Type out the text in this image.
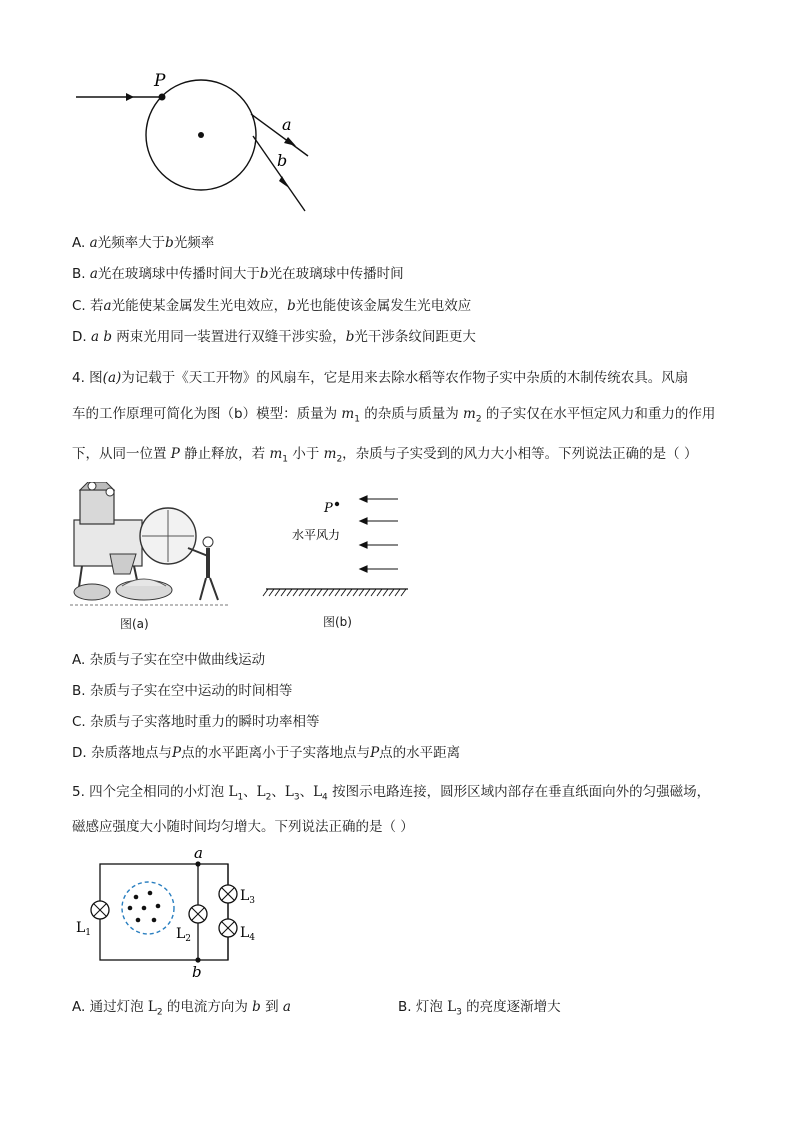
P
a
b
A. a光频率大于b光频率
B. a光在玻璃球中传播时间大于b光在玻璃球中传播时间
C. 若a光能使某金属发生光电效应，b光也能使该金属发生光电效应
D. a b 两束光用同一装置进行双缝干涉实验，b光干涉条纹间距更大
4. 图(a)为记载于《天工开物》的风扇车，它是用来去除水稻等农作物子实中杂质的木制传统农具。风扇
车的工作原理可简化为图（b）模型：质量为 $m_1$ 的杂质与质量为 $m_2$ 的子实仅在水平恒定风力和重力的作用
下，从同一位置 P 静止释放，若 $m_1$ 小于 $m_2$，杂质与子实受到的风力大小相等。下列说法正确的是（ ）
图(a)
P
水平风力
图(b)
A. 杂质与子实在空中做曲线运动
B. 杂质与子实在空中运动的时间相等
C. 杂质与子实落地时重力的瞬时功率相等
D. 杂质落地点与P点的水平距离小于子实落地点与P点的水平距离
5. 四个完全相同的小灯泡 $L_1$、$L_2$、$L_3$、$L_4$ 按图示电路连接，圆形区域内部存在垂直纸面向外的匀强磁场，
磁感应强度大小随时间均匀增大。下列说法正确的是（ ）
a
b
$L_1$	$L_2$
$L_3$
$L_4$
A. 通过灯泡 $L_2$ 的电流方向为 b 到 a	B. 灯泡 $L_3$ 的亮度逐渐增大
